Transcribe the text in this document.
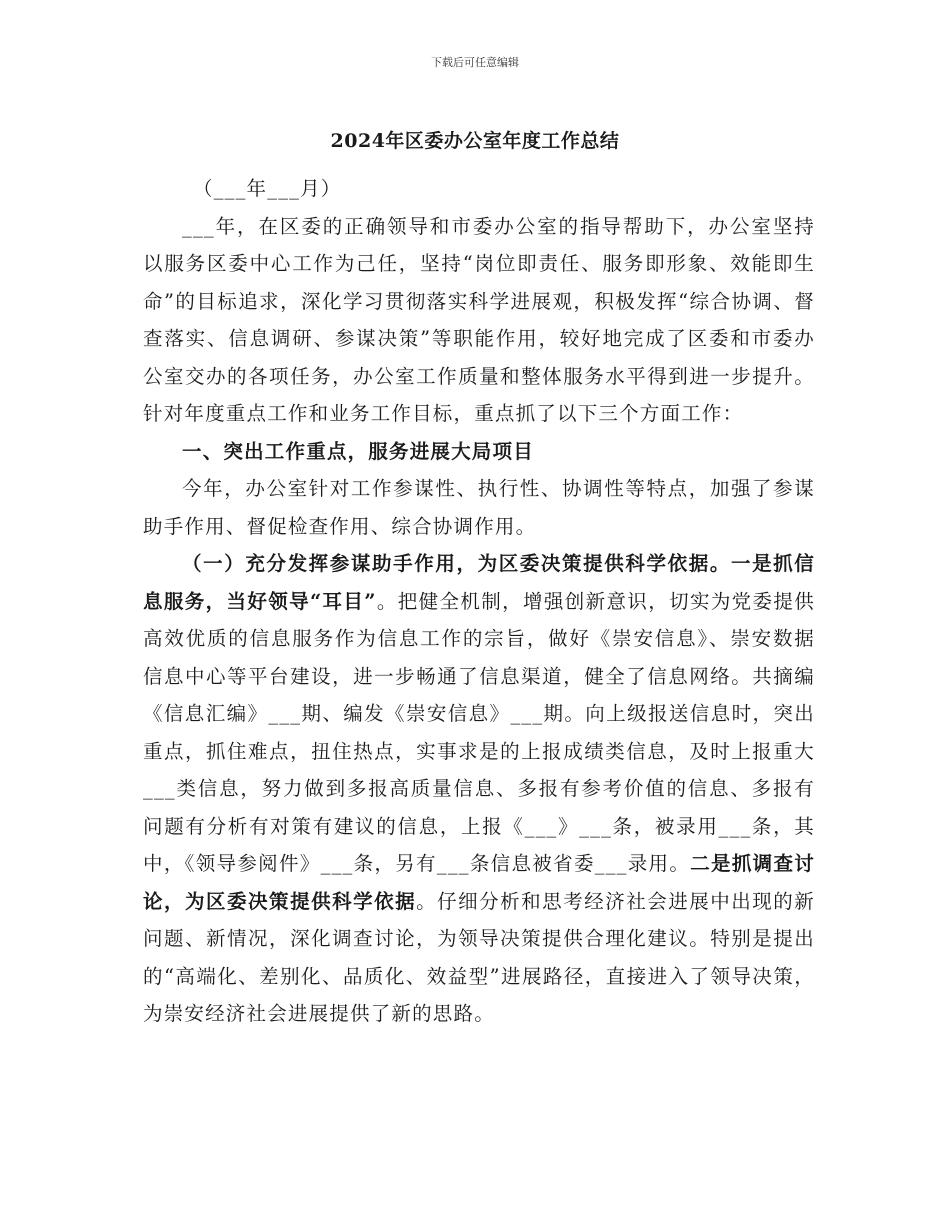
下载后可任意编辑
2024年区委办公室年度工作总结
（___年___月）

___年，在区委的正确领导和市委办公室的指导帮助下，办公室坚持以服务区委中心工作为己任，坚持“岗位即责任、服务即形象、效能即生命”的目标追求，深化学习贯彻落实科学进展观，积极发挥“综合协调、督查落实、信息调研、参谋决策”等职能作用，较好地完成了区委和市委办公室交办的各项任务，办公室工作质量和整体服务水平得到进一步提升。针对年度重点工作和业务工作目标，重点抓了以下三个方面工作：

一、突出工作重点，服务进展大局项目

今年，办公室针对工作参谋性、执行性、协调性等特点，加强了参谋助手作用、督促检查作用、综合协调作用。

（一）充分发挥参谋助手作用，为区委决策提供科学依据。一是抓信息服务，当好领导“耳目”。把健全机制，增强创新意识，切实为党委提供高效优质的信息服务作为信息工作的宗旨，做好《崇安信息》、崇安数据信息中心等平台建设，进一步畅通了信息渠道，健全了信息网络。共摘编《信息汇编》___期、编发《崇安信息》___期。向上级报送信息时，突出重点，抓住难点，扭住热点，实事求是的上报成绩类信息，及时上报重大___类信息，努力做到多报高质量信息、多报有参考价值的信息、多报有问题有分析有对策有建议的信息，上报《___》___条，被录用___条，其中，《领导参阅件》___条，另有___条信息被省委___录用。二是抓调查讨论，为区委决策提供科学依据。仔细分析和思考经济社会进展中出现的新问题、新情况，深化调查讨论，为领导决策提供合理化建议。特别是提出的“高端化、差别化、品质化、效益型”进展路径，直接进入了领导决策，为崇安经济社会进展提供了新的思路。
